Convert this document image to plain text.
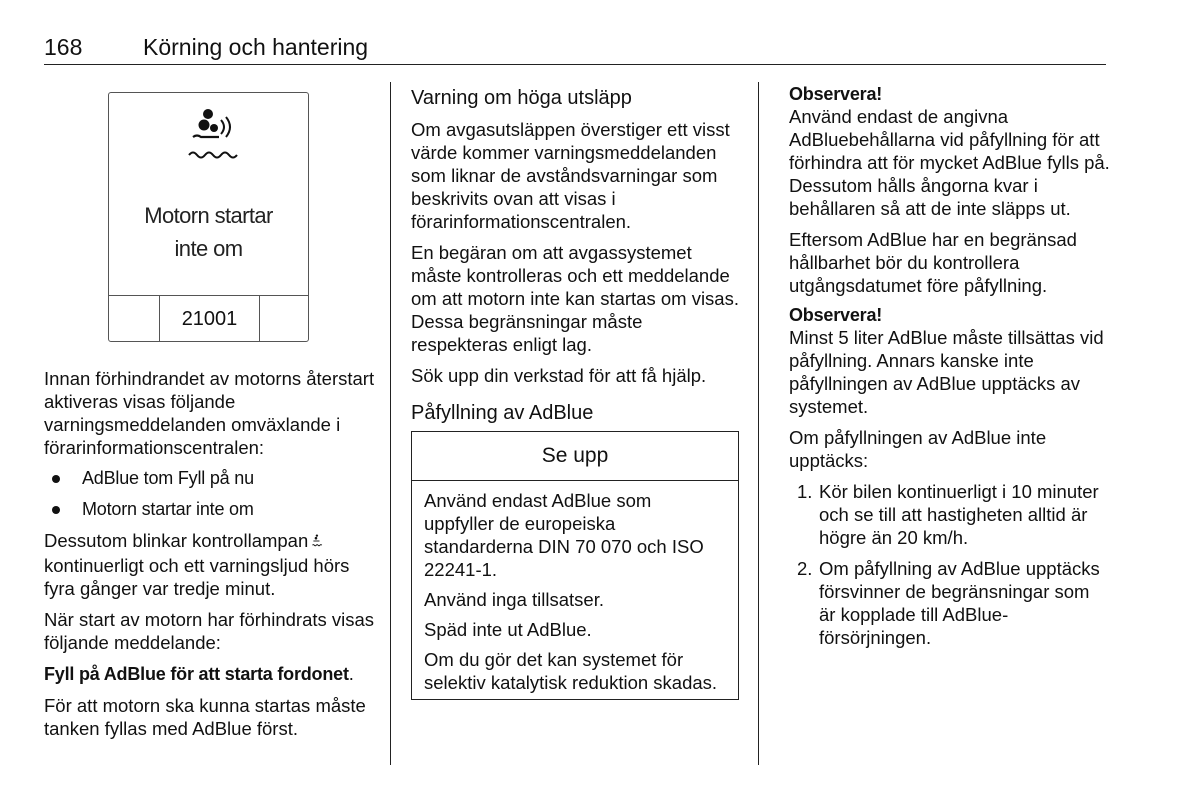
168	Körning och hantering
Motorn startar
inte om
21001

Innan förhindrandet av motorns återstart aktiveras visas följande varningsmeddelanden omväxlande i förarinformationscentralen:

AdBlue tom Fyll på nu
Motorn startar inte om

Dessutom blinkar kontrollampankontinuerligt och ett varningsljud hörs fyra gånger var tredje minut.

När start av motorn har förhindrats visas följande meddelande:

Fyll på AdBlue för att starta fordonet.

För att motorn ska kunna startas måste tanken fyllas med AdBlue först.

Varning om höga utsläpp

Om avgasutsläppen överstiger ett visst värde kommer varningsmeddelanden som liknar de avståndsvarningar som beskrivits ovan att visas i förarinformationscentralen.

En begäran om att avgassystemet måste kontrolleras och ett meddelande om att motorn inte kan startas om visas. Dessa begränsningar måste respekteras enligt lag.

Sök upp din verkstad för att få hjälp.

Påfyllning av AdBlue
Se upp

Använd endast AdBlue som uppfyller de europeiska standarderna DIN 70 070 och ISO 22241-1.

Använd inga tillsatser.

Späd inte ut AdBlue.

Om du gör det kan systemet för selektiv katalytisk reduktion skadas.

Observera!

Använd endast de angivna AdBluebehållarna vid påfyllning för att förhindra att för mycket AdBlue fylls på. Dessutom hålls ångorna kvar i behållaren så att de inte släpps ut.

Eftersom AdBlue har en begränsad hållbarhet bör du kontrollera utgångsdatumet före påfyllning.

Observera!

Minst 5 liter AdBlue måste tillsättas vid påfyllning. Annars kanske inte påfyllningen av AdBlue upptäcks av systemet.

Om påfyllningen av AdBlue inte upptäcks:

1. Kör bilen kontinuerligt i 10 minuter och se till att hastigheten alltid är högre än 20 km/h.
2. Om påfyllning av AdBlue upptäcks försvinner de begränsningar som är kopplade till AdBlue-försörjningen.
